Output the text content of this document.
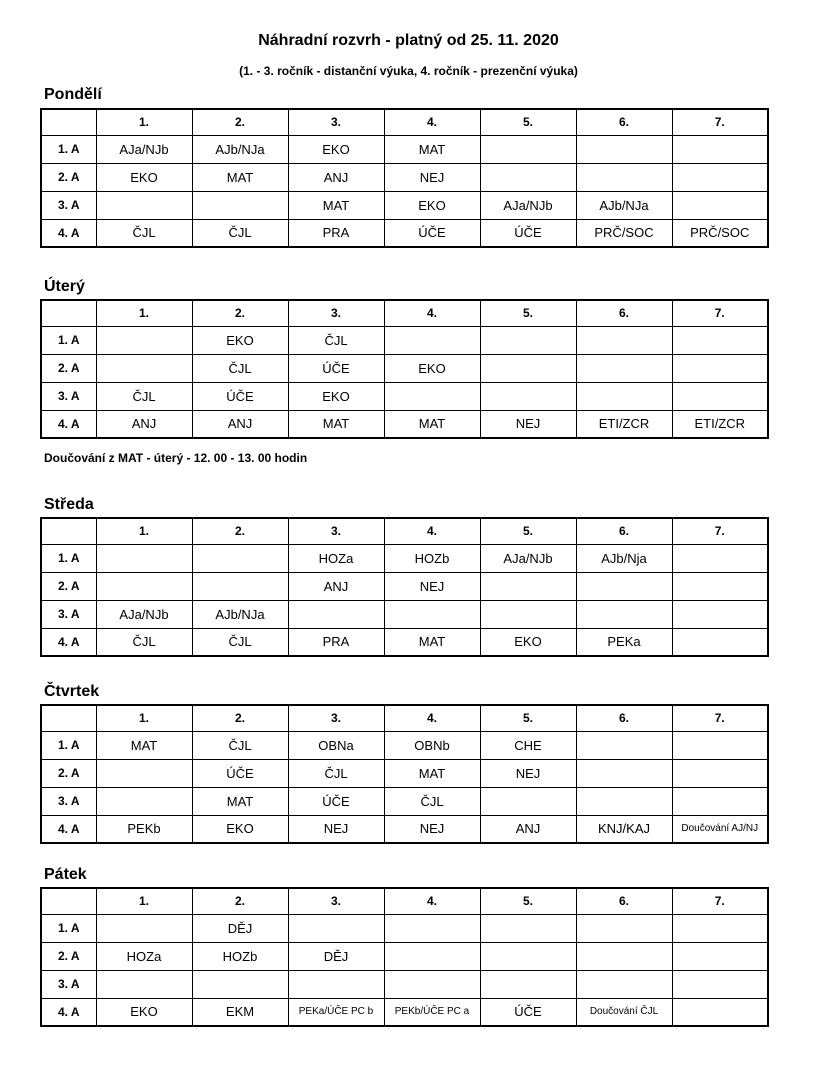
Náhradní rozvrh - platný od 25. 11. 2020
(1. - 3. ročník - distanční výuka, 4. ročník - prezenční výuka)
Pondělí
	1.	2.	3.	4.	5.	6.	7.
1. A	AJa/NJb	AJb/NJa	EKO	MAT			
2. A	EKO	MAT	ANJ	NEJ			
3. A			MAT	EKO	AJa/NJb	AJb/NJa	
4. A	ČJL	ČJL	PRA	ÚČE	ÚČE	PRČ/SOC	PRČ/SOC
Úterý
	1.	2.	3.	4.	5.	6.	7.
1. A		EKO	ČJL				
2. A		ČJL	ÚČE	EKO			
3. A	ČJL	ÚČE	EKO				
4. A	ANJ	ANJ	MAT	MAT	NEJ	ETI/ZCR	ETI/ZCR
Doučování z MAT - úterý - 12. 00 - 13. 00 hodin
Středa
	1.	2.	3.	4.	5.	6.	7.
1. A			HOZa	HOZb	AJa/NJb	AJb/Nja	
2. A			ANJ	NEJ			
3. A	AJa/NJb	AJb/NJa					
4. A	ČJL	ČJL	PRA	MAT	EKO	PEKa	
Čtvrtek
	1.	2.	3.	4.	5.	6.	7.
1. A	MAT	ČJL	OBNa	OBNb	CHE		
2. A		ÚČE	ČJL	MAT	NEJ		
3. A		MAT	ÚČE	ČJL			
4. A	PEKb	EKO	NEJ	NEJ	ANJ	KNJ/KAJ	Doučování AJ/NJ
Pátek
	1.	2.	3.	4.	5.	6.	7.
1. A		DĚJ					
2. A	HOZa	HOZb	DĚJ				
3. A							
4. A	EKO	EKM	PEKa/ÚČE PC b	PEKb/ÚČE PC a	ÚČE	Doučování ČJL	
